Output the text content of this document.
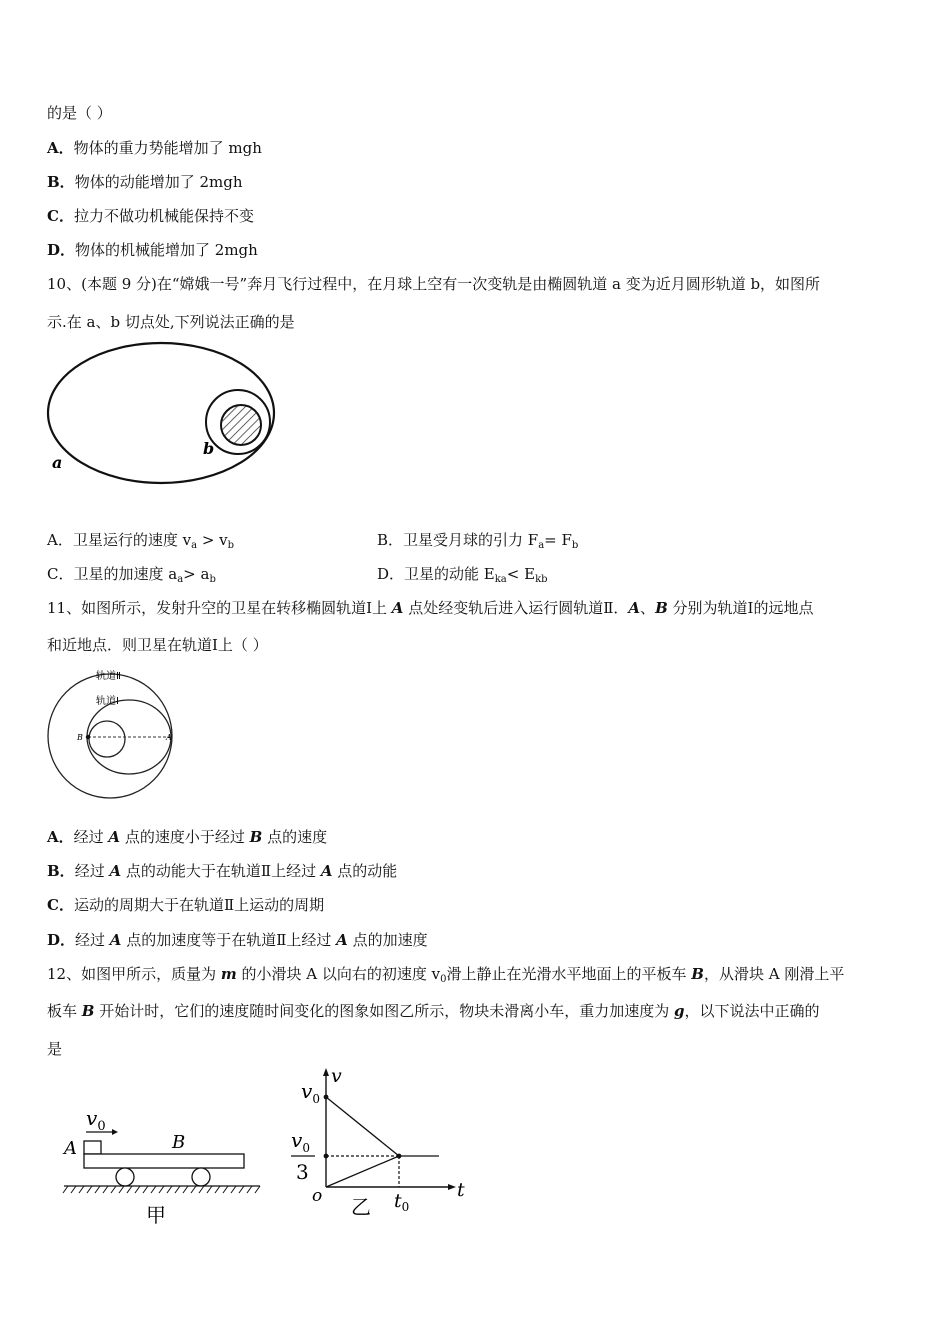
的是（ ）
A．物体的重力势能增加了 mgh
B．物体的动能增加了 2mgh
C．拉力不做功机械能保持不变
D．物体的机械能增加了 2mgh
10、(本题 9 分)在“嫦娥一号”奔月飞行过程中，在月球上空有一次变轨是由椭圆轨道 a 变为近月圆形轨道 b，如图所
示.在 a、b 切点处,下列说法正确的是
a
b
A．卫星运行的速度 $v_a > v_b$	B．卫星受月球的引力 $F_a= F_b$
C．卫星的加速度 $a_a> a_b$	D．卫星的动能 $E_{ka}< E_{kb}$
11、如图所示，发射升空的卫星在转移椭圆轨道Ⅰ上 A 点处经变轨后进入运行圆轨道Ⅱ．A、B 分别为轨道Ⅰ的远地点
和近地点．则卫星在轨道Ⅰ上（ ）
轨道Ⅱ
轨道Ⅰ
B	A
A．经过 A 点的速度小于经过 B 点的速度
B．经过 A 点的动能大于在轨道Ⅱ上经过 A 点的动能
C．运动的周期大于在轨道Ⅱ上运动的周期
D．经过 A 点的加速度等于在轨道Ⅱ上经过 A 点的加速度
12、如图甲所示，质量为 m 的小滑块 A 以向右的初速度 $v_0$滑上静止在光滑水平地面上的平板车 B，从滑块 A 刚滑上平
板车 B 开始计时，它们的速度随时间变化的图象如图乙所示，物块未滑离小车，重力加速度为 g，以下说法中正确的
是
$v_0$
A	B
甲
v
t
o
$v_0$
$v_0$
3
$t_0$
乙
